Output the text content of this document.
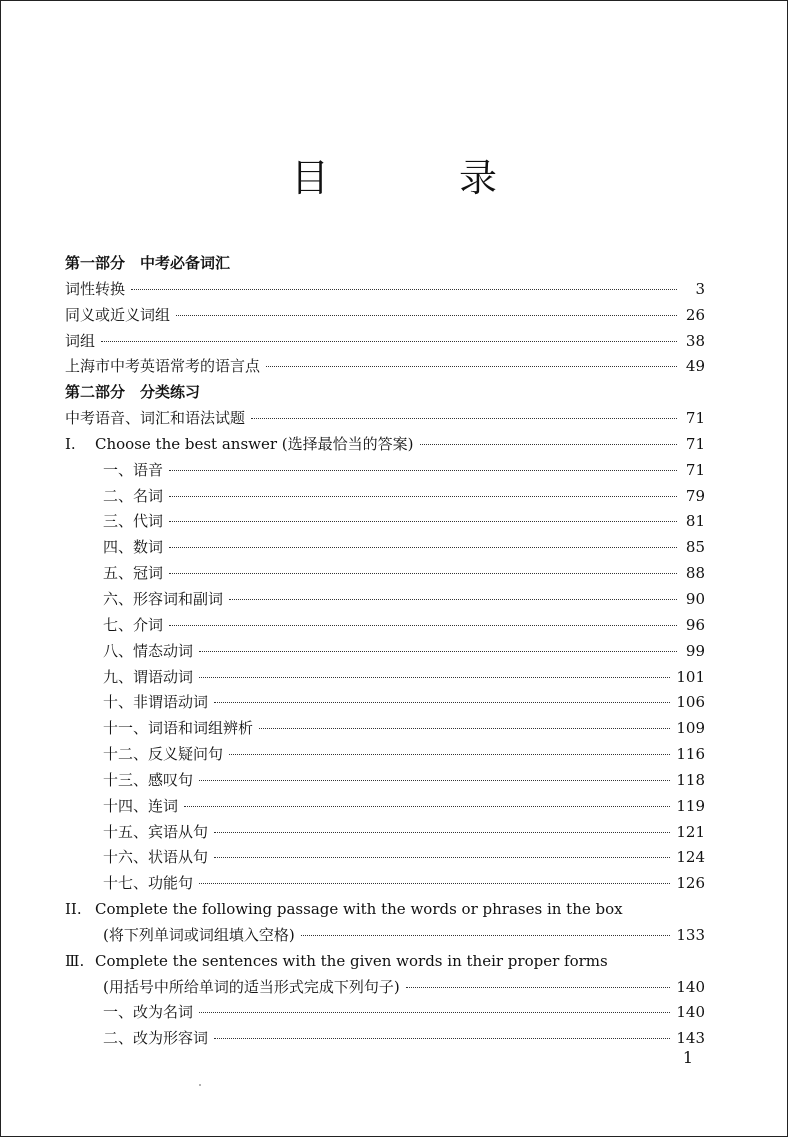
目　录
第一部分　中考必备词汇
词性转换	3
同义或近义词组	26
词组	38
上海市中考英语常考的语言点	49
第二部分　分类练习
中考语音、词汇和语法试题	71
I.	Choose the best answer (选择最恰当的答案)	71
一、语音	71
二、名词	79
三、代词	81
四、数词	85
五、冠词	88
六、形容词和副词	90
七、介词	96
八、情态动词	99
九、谓语动词	101
十、非谓语动词	106
十一、词语和词组辨析	109
十二、反义疑问句	116
十三、感叹句	118
十四、连词	119
十五、宾语从句	121
十六、状语从句	124
十七、功能句	126
II. Complete the following passage with the words or phrases in the box
(将下列单词或词组填入空格)	133
Ⅲ. Complete the sentences with the given words in their proper forms
(用括号中所给单词的适当形式完成下列句子)	140
一、改为名词	140
二、改为形容词	143
1
